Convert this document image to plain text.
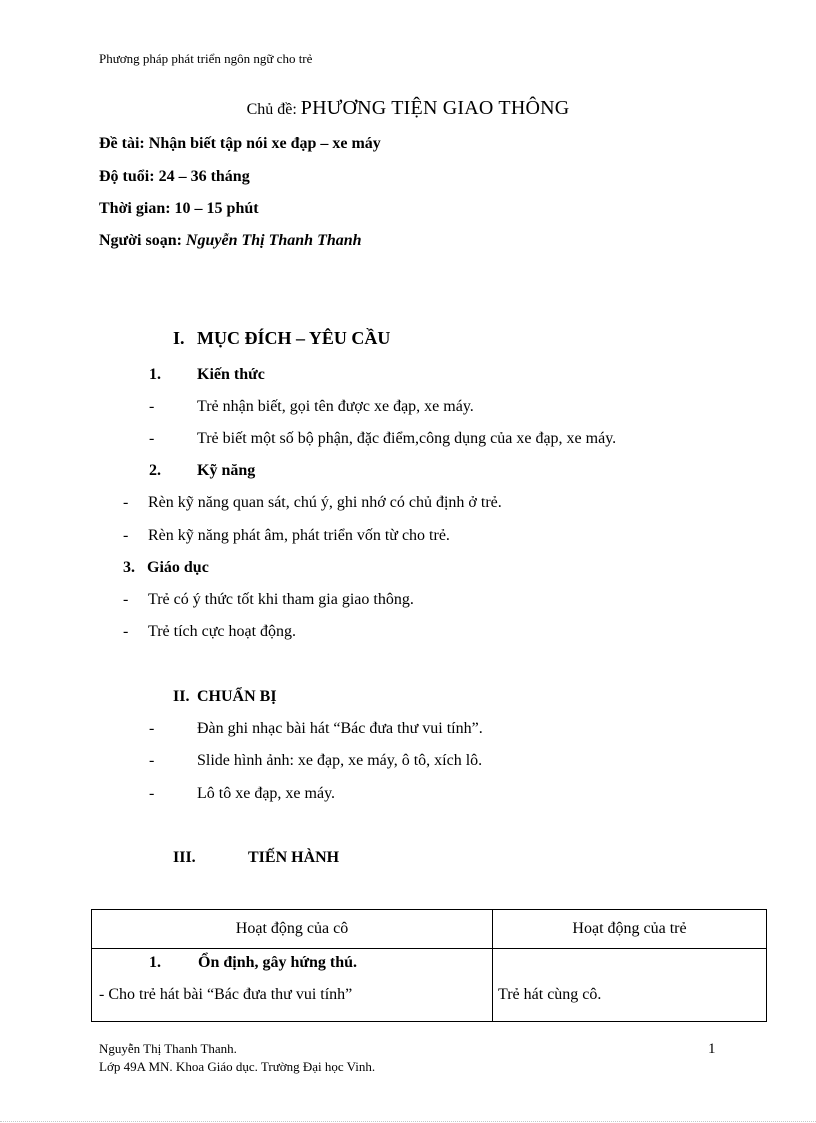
Phương pháp phát triển ngôn ngữ cho trẻ
Chủ đề: PHƯƠNG TIỆN GIAO THÔNG
Đề tài: Nhận biết tập nói xe đạp – xe máy
Độ tuổi: 24 – 36 tháng
Thời gian: 10 – 15 phút
Người soạn: Nguyễn Thị Thanh Thanh
I. MỤC ĐÍCH – YÊU CẦU
1. Kiến thức
-	Trẻ nhận biết, gọi tên được xe đạp, xe máy.
-	Trẻ biết một số bộ phận, đặc điểm,công dụng của xe đạp, xe máy.
2. Kỹ năng
- Rèn kỹ năng quan sát, chú ý, ghi nhớ có chủ định ở trẻ.
- Rèn kỹ năng phát âm, phát triển vốn từ cho trẻ.
3. Giáo dục
- Trẻ có ý thức tốt khi tham gia giao thông.
- Trẻ tích cực hoạt động.
II. CHUẨN BỊ
-	Đàn ghi nhạc bài hát “Bác đưa thư vui tính”.
-	Slide hình ảnh: xe đạp, xe máy, ô tô, xích lô.
-	Lô tô xe đạp, xe máy.
III.	TIẾN HÀNH
Hoạt động của cô	Hoạt động của trẻ

1. Ổn định, gây hứng thú.
- Cho trẻ hát bài “Bác đưa thư vui tính”	Trẻ hát cùng cô.
Nguyễn Thị Thanh Thanh.
Lớp 49A MN. Khoa Giáo dục. Trường Đại học Vinh.
1
